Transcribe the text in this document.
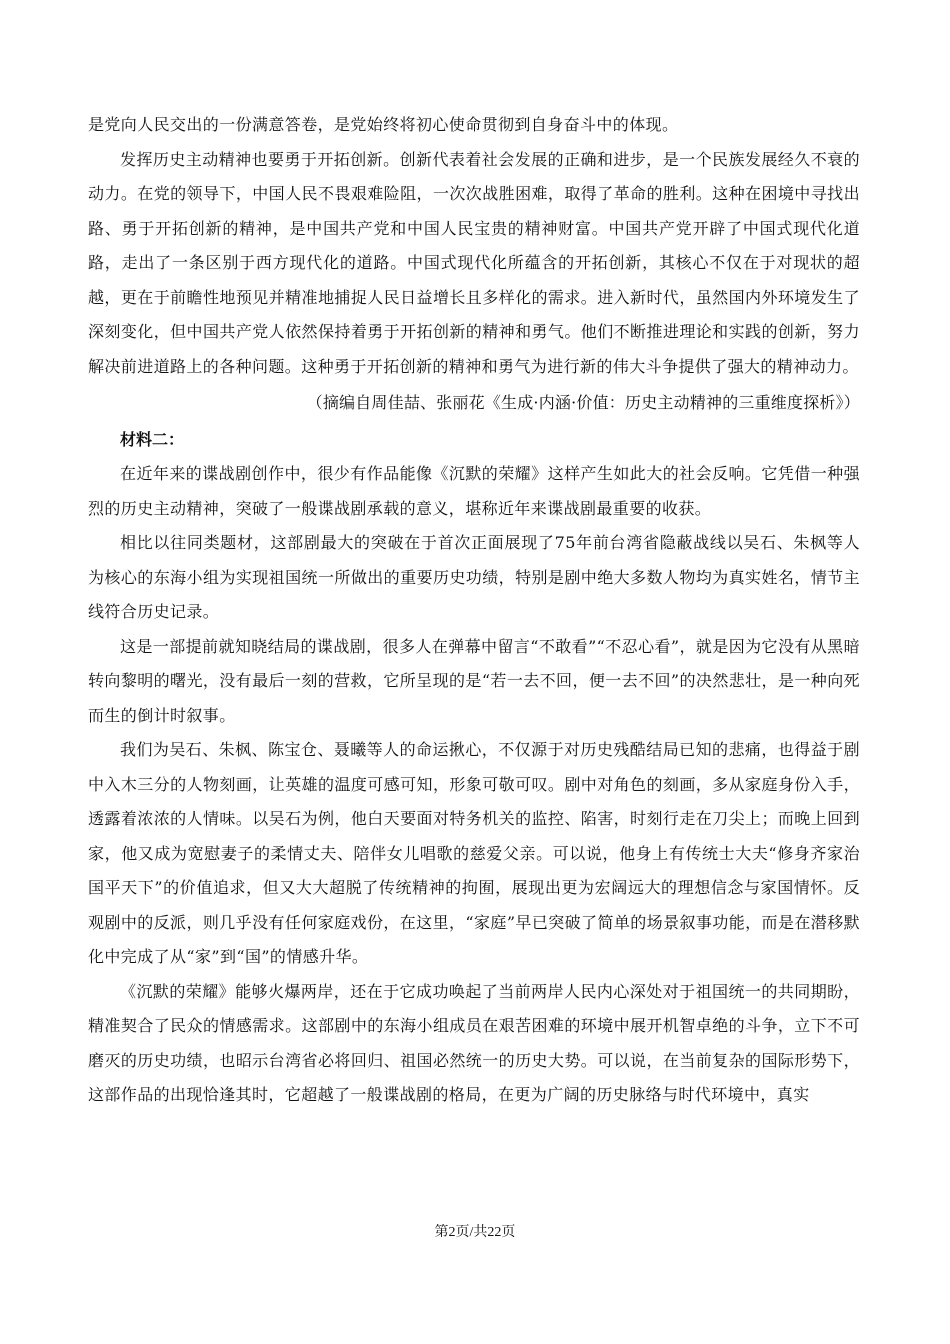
是党向人民交出的一份满意答卷，是党始终将初心使命贯彻到自身奋斗中的体现。

发挥历史主动精神也要勇于开拓创新。创新代表着社会发展的正确和进步，是一个民族发展经久不衰的动力。在党的领导下，中国人民不畏艰难险阻，一次次战胜困难，取得了革命的胜利。这种在困境中寻找出路、勇于开拓创新的精神，是中国共产党和中国人民宝贵的精神财富。中国共产党开辟了中国式现代化道路，走出了一条区别于西方现代化的道路。中国式现代化所蕴含的开拓创新，其核心不仅在于对现状的超越，更在于前瞻性地预见并精准地捕捉人民日益增长且多样化的需求。进入新时代，虽然国内外环境发生了深刻变化，但中国共产党人依然保持着勇于开拓创新的精神和勇气。他们不断推进理论和实践的创新，努力解决前进道路上的各种问题。这种勇于开拓创新的精神和勇气为进行新的伟大斗争提供了强大的精神动力。

（摘编自周佳喆、张丽花《生成·内涵·价值：历史主动精神的三重维度探析》）

材料二：

在近年来的谍战剧创作中，很少有作品能像《沉默的荣耀》这样产生如此大的社会反响。它凭借一种强烈的历史主动精神，突破了一般谍战剧承载的意义，堪称近年来谍战剧最重要的收获。

相比以往同类题材，这部剧最大的突破在于首次正面展现了75年前台湾省隐蔽战线以吴石、朱枫等人为核心的东海小组为实现祖国统一所做出的重要历史功绩，特别是剧中绝大多数人物均为真实姓名，情节主线符合历史记录。

这是一部提前就知晓结局的谍战剧，很多人在弹幕中留言“不敢看”“不忍心看”，就是因为它没有从黑暗转向黎明的曙光，没有最后一刻的营救，它所呈现的是“若一去不回，便一去不回”的决然悲壮，是一种向死而生的倒计时叙事。

我们为吴石、朱枫、陈宝仓、聂曦等人的命运揪心，不仅源于对历史残酷结局已知的悲痛，也得益于剧中入木三分的人物刻画，让英雄的温度可感可知，形象可敬可叹。剧中对角色的刻画，多从家庭身份入手，透露着浓浓的人情味。以吴石为例，他白天要面对特务机关的监控、陷害，时刻行走在刀尖上；而晚上回到家，他又成为宽慰妻子的柔情丈夫、陪伴女儿唱歌的慈爱父亲。可以说，他身上有传统士大夫“修身齐家治国平天下”的价值追求，但又大大超脱了传统精神的拘囿，展现出更为宏阔远大的理想信念与家国情怀。反观剧中的反派，则几乎没有任何家庭戏份，在这里，“家庭”早已突破了简单的场景叙事功能，而是在潜移默化中完成了从“家”到“国”的情感升华。

《沉默的荣耀》能够火爆两岸，还在于它成功唤起了当前两岸人民内心深处对于祖国统一的共同期盼，精准契合了民众的情感需求。这部剧中的东海小组成员在艰苦困难的环境中展开机智卓绝的斗争，立下不可磨灭的历史功绩，也昭示台湾省必将回归、祖国必然统一的历史大势。可以说，在当前复杂的国际形势下，这部作品的出现恰逢其时，它超越了一般谍战剧的格局，在更为广阔的历史脉络与时代环境中，真实

第2页/共22页
